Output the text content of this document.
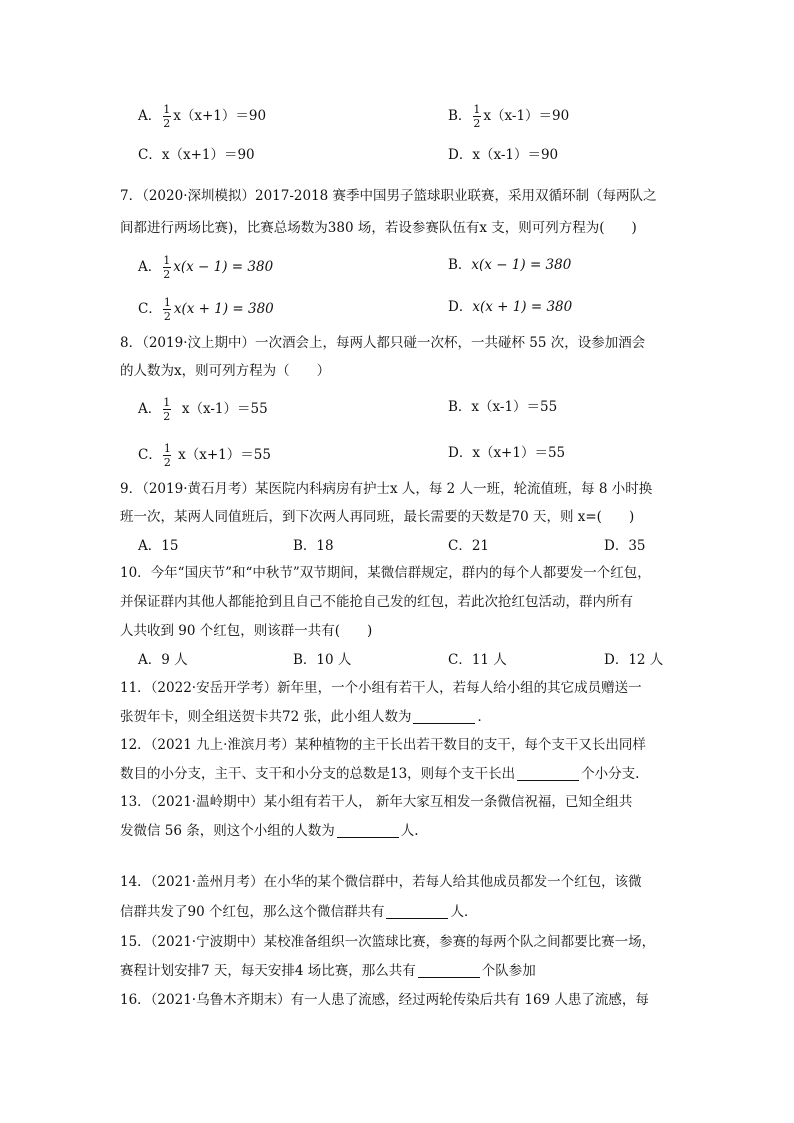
A． $\frac{1}{2} x(x+1)=90$	B． $\frac{1}{2} x(x-1)=90$
C．x（x+1）＝90	D．x（x-1）＝90
7．（2020·深圳模拟）2017-2018 赛季中国男子篮球职业联赛，采用双循环制（每两队之
间都进行两场比赛)，比赛总场数为380 场，若设参赛队伍有x 支，则可列方程为(　　)
A． $\frac{1}{2} x(x - 1) = 380$	B．x(x − 1) = 380
C． $\frac{1}{2} x(x + 1) = 380$	D．x(x + 1) = 380
8．（2019·汶上期中）一次酒会上，每两人都只碰一次杯，一共碰杯 55 次，设参加酒会
的人数为x，则可列方程为（　　）
A． $\frac{1}{2} x(x-1)=55$	B．x（x-1）＝55
C． $\frac{1}{2} x(x+1)=55$	D．x（x+1）＝55
9．（2019·黄石月考）某医院内科病房有护士x 人，每 2 人一班，轮流值班，每 8 小时换
班一次，某两人同值班后，到下次两人再同班，最长需要的天数是70 天，则 x=(　　)
A．15	B．18	C．21	D．35
10．今年“国庆节”和“中秋节”双节期间，某微信群规定，群内的每个人都要发一个红包，
并保证群内其他人都能抢到且自己不能抢自己发的红包，若此次抢红包活动，群内所有
人共收到 90 个红包，则该群一共有(　　)
A．9 人	B．10 人	C．11 人	D．12 人
11．（2022·安岳开学考）新年里，一个小组有若干人，若每人给小组的其它成员赠送一
张贺年卡，则全组送贺卡共72 张，此小组人数为	．
12．（2021 九上·淮滨月考）某种植物的主干长出若干数目的支干，每个支干又长出同样
数目的小分支，主干、支干和小分支的总数是13，则每个支干长出	个小分支.
13．（2021·温岭期中）某小组有若干人， 新年大家互相发一条微信祝福，已知全组共
发微信 56 条，则这个小组的人数为	人.
14．（2021·盖州月考）在小华的某个微信群中，若每人给其他成员都发一个红包，该微
信群共发了90 个红包，那么这个微信群共有	人．
15．（2021·宁波期中）某校准备组织一次篮球比赛，参赛的每两个队之间都要比赛一场，
赛程计划安排7 天，每天安排4 场比赛，那么共有	个队参加
16．（2021·乌鲁木齐期末）有一人患了流感，经过两轮传染后共有 169 人患了流感，每
